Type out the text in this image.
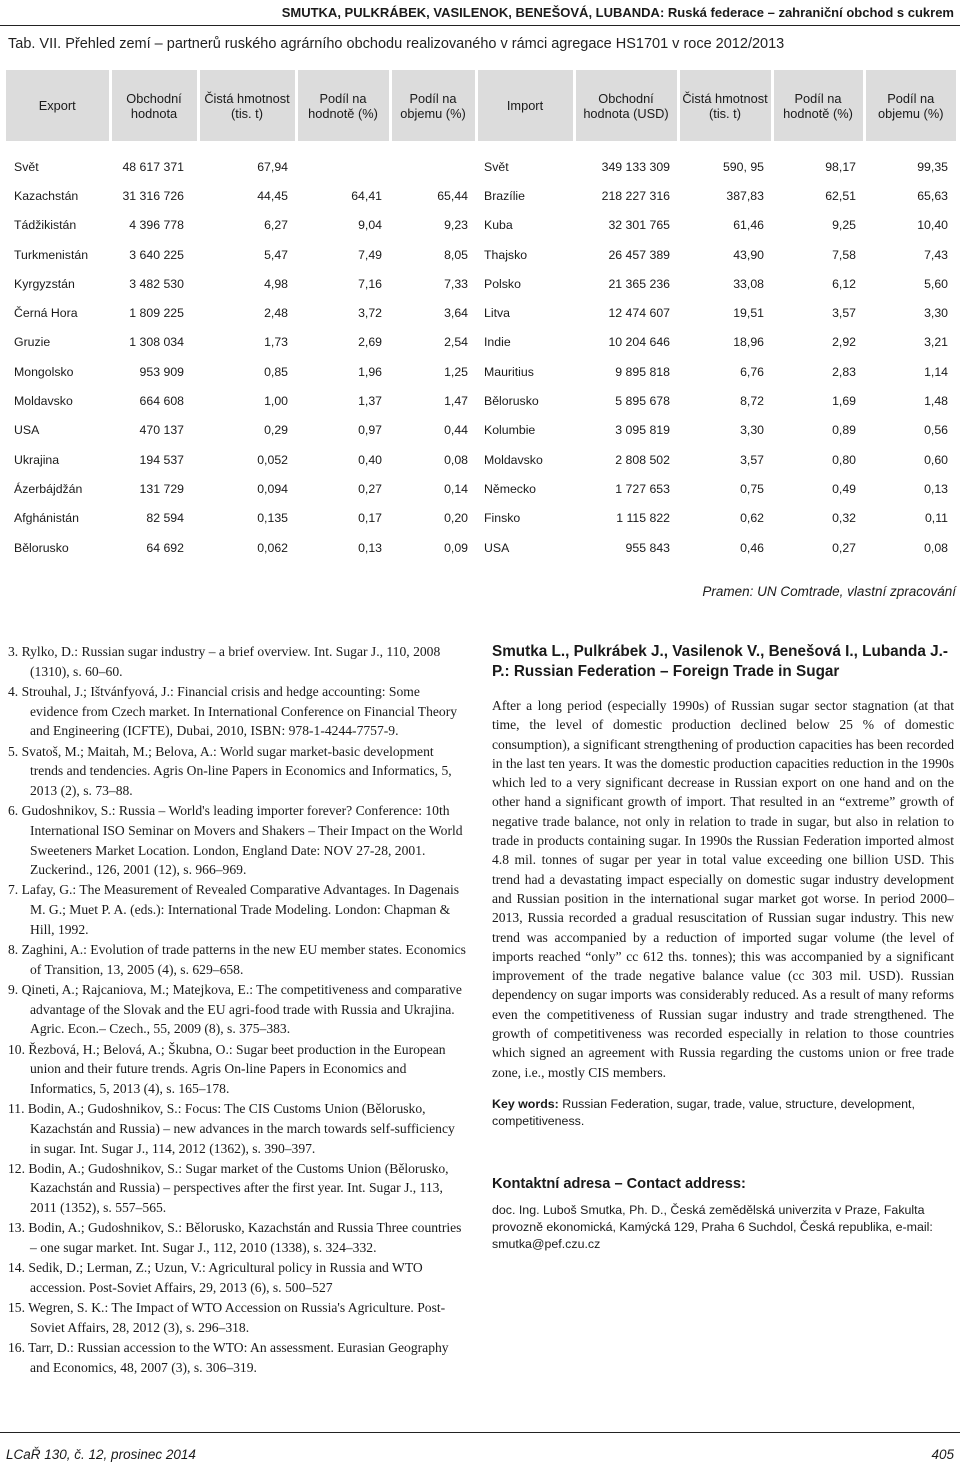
SMUTKA, PULKRÁBEK, VASILENOK, BENEŠOVÁ, LUBANDA: Ruská federace – zahraniční obchod s cukrem
Tab. VII. Přehled zemí – partnerů ruského agrárního obchodu realizovaného v rámci agregace HS1701 v roce 2012/2013
Export	Obchodní hodnota	Čistá hmotnost (tis. t)	Podíl na hodnotě (%)	Podíl na objemu (%)	Import	Obchodní hodnota (USD)	Čistá hmotnost (tis. t)	Podíl na hodnotě (%)	Podíl na objemu (%)

Svět	48 617 371	67,94			Svět	349 133 309	590, 95	98,17	99,35
Kazachstán	31 316 726	44,45	64,41	65,44	Brazílie	218 227 316	387,83	62,51	65,63
Tádžikistán	4 396 778	6,27	9,04	9,23	Kuba	32 301 765	61,46	9,25	10,40
Turkmenistán	3 640 225	5,47	7,49	8,05	Thajsko	26 457 389	43,90	7,58	7,43
Kyrgyzstán	3 482 530	4,98	7,16	7,33	Polsko	21 365 236	33,08	6,12	5,60
Černá Hora	1 809 225	2,48	3,72	3,64	Litva	12 474 607	19,51	3,57	3,30
Gruzie	1 308 034	1,73	2,69	2,54	Indie	10 204 646	18,96	2,92	3,21
Mongolsko	953 909	0,85	1,96	1,25	Mauritius	9 895 818	6,76	2,83	1,14
Moldavsko	664 608	1,00	1,37	1,47	Bělorusko	5 895 678	8,72	1,69	1,48
USA	470 137	0,29	0,97	0,44	Kolumbie	3 095 819	3,30	0,89	0,56
Ukrajina	194 537	0,052	0,40	0,08	Moldavsko	2 808 502	3,57	0,80	0,60
Ázerbájdžán	131 729	0,094	0,27	0,14	Německo	1 727 653	0,75	0,49	0,13
Afghánistán	82 594	0,135	0,17	0,20	Finsko	1 115 822	0,62	0,32	0,11
Bělorusko	64 692	0,062	0,13	0,09	USA	955 843	0,46	0,27	0,08
Pramen: UN Comtrade, vlastní zpracování
3. Rylko, D.: Russian sugar industry – a brief overview. Int. Sugar J., 110, 2008 (1310), s. 60–60.
4. Strouhal, J.; Ištvánfyová, J.: Financial crisis and hedge accounting: Some evidence from Czech market. In International Conference on Financial Theory and Engineering (ICFTE), Dubai, 2010, ISBN: 978-1-4244-7757-9.
5. Svatoš, M.; Maitah, M.; Belova, A.: World sugar market-basic development trends and tendencies. Agris On-line Papers in Economics and Informatics, 5, 2013 (2), s. 73–88.
6. Gudoshnikov, S.: Russia – World's leading importer forever? Conference: 10th International ISO Seminar on Movers and Shakers – Their Impact on the World Sweeteners Market Location. London, England Date: NOV 27-28, 2001. Zuckerind., 126, 2001 (12), s. 966–969.
7. Lafay, G.: The Measurement of Revealed Comparative Advantages. In Dagenais M. G.; Muet P. A. (eds.): International Trade Modeling. London: Chapman & Hill, 1992.
8. Zaghini, A.: Evolution of trade patterns in the new EU member states. Economics of Transition, 13, 2005 (4), s. 629–658.
9. Qineti, A.; Rajcaniova, M.; Matejkova, E.: The competitiveness and comparative advantage of the Slovak and the EU agri-food trade with Russia and Ukrajina. Agric. Econ.– Czech., 55, 2009 (8), s. 375–383.
10. Řezbová, H.; Belová, A.; Škubna, O.: Sugar beet production in the European union and their future trends. Agris On-line Papers in Economics and Informatics, 5, 2013 (4), s. 165–178.
11. Bodin, A.; Gudoshnikov, S.: Focus: The CIS Customs Union (Bělorusko, Kazachstán and Russia) – new advances in the march towards self-sufficiency in sugar. Int. Sugar J., 114, 2012 (1362), s. 390–397.
12. Bodin, A.; Gudoshnikov, S.: Sugar market of the Customs Union (Bělorusko, Kazachstán and Russia) – perspectives after the first year. Int. Sugar J., 113, 2011 (1352), s. 557–565.
13. Bodin, A.; Gudoshnikov, S.: Bělorusko, Kazachstán and Russia Three countries – one sugar market. Int. Sugar J., 112, 2010 (1338), s. 324–332.
14. Sedik, D.; Lerman, Z.; Uzun, V.: Agricultural policy in Russia and WTO accession. Post-Soviet Affairs, 29, 2013 (6), s. 500–527
15. Wegren, S. K.: The Impact of WTO Accession on Russia's Agriculture. Post-Soviet Affairs, 28, 2012 (3), s. 296–318.
16. Tarr, D.: Russian accession to the WTO: An assessment. Eurasian Geography and Economics, 48, 2007 (3), s. 306–319.

Smutka L., Pulkrábek J., Vasilenok V., Benešová I., Lubanda J.-P.: Russian Federation – Foreign Trade in Sugar

After a long period (especially 1990s) of Russian sugar sector stagnation (at that time, the level of domestic production declined below 25 % of domestic consumption), a significant strengthening of production capacities has been recorded in the last ten years. It was the domestic production capacities reduction in the 1990s which led to a very significant decrease in Russian export on one hand and on the other hand a significant growth of import. That resulted in an “extreme” growth of negative trade balance, not only in relation to trade in sugar, but also in relation to trade in products containing sugar. In 1990s the Russian Federation imported almost 4.8 mil. tonnes of sugar per year in total value exceeding one billion USD. This trend had a devastating impact especially on domestic sugar industry development and Russian position in the international sugar market got worse. In period 2000–2013, Russia recorded a gradual resuscitation of Russian sugar industry. This new trend was accompanied by a reduction of imported sugar volume (the level of imports reached “only” cc 612 ths. tonnes); this was accompanied by a significant improvement of the trade negative balance value (cc 303 mil. USD). Russian dependency on sugar imports was considerably reduced. As a result of many reforms even the competitiveness of Russian sugar industry and trade strengthened. The growth of competitiveness was recorded especially in relation to those countries which signed an agreement with Russia regarding the customs union or free trade zone, i.e., mostly CIS members.

Key words: Russian Federation, sugar, trade, value, structure, development, competitiveness.

Kontaktní adresa – Contact address:

doc. Ing. Luboš Smutka, Ph. D., Česká zemědělská univerzita v Praze, Fakulta provozně ekonomická, Kamýcká 129, Praha 6 Suchdol, Česká republika, e-mail: smutka@pef.czu.cz

LCaŘ 130, č. 12, prosinec 2014	405
